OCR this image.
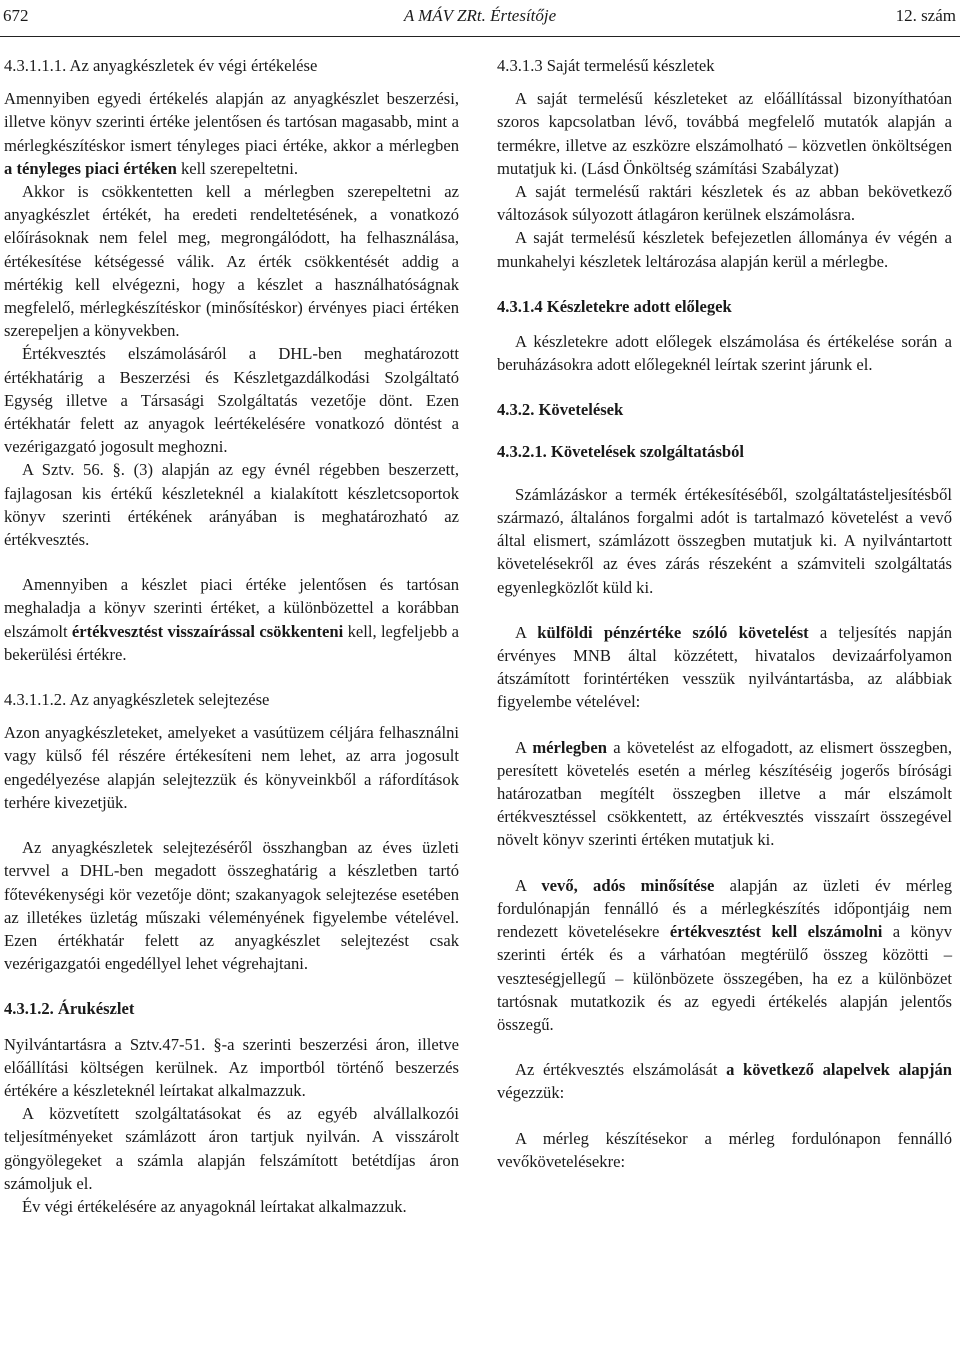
672	A MÁV ZRt. Értesítője	12. szám
4.3.1.1.1. Az anyagkészletek év végi értékelése

Amennyiben egyedi értékelés alapján az anyagkészlet beszerzési, illetve könyv szerinti értéke jelentősen és tartósan magasabb, mint a mérlegkészítéskor ismert tényleges piaci értéke, akkor a mérlegben a tényleges piaci értéken kell szerepeltetni.

Akkor is csökkentetten kell a mérlegben szerepeltetni az anyagkészlet értékét, ha eredeti rendeltetésének, a vonatkozó előírásoknak nem felel meg, megrongálódott, ha felhasználása, értékesítése kétségessé válik. Az érték csökkentését addig a mértékig kell elvégezni, hogy a készlet a használhatóságnak megfelelő, mérlegkészítéskor (minősítéskor) érvényes piaci értéken szerepeljen a könyvekben.

Értékvesztés elszámolásáról a DHL-ben meghatározott értékhatárig a Beszerzési és Készletgazdálkodási Szolgáltató Egység illetve a Társasági Szolgáltatás vezetője dönt. Ezen értékhatár felett az anyagok leértékelésére vonatkozó döntést a vezérigazgató jogosult meghozni.

A Sztv. 56. §. (3) alapján az egy évnél régebben beszerzett, fajlagosan kis értékű készleteknél a kialakított készletcsoportok könyv szerinti értékének arányában is meghatározható az értékvesztés.

Amennyiben a készlet piaci értéke jelentősen és tartósan meghaladja a könyv szerinti értéket, a különbözettel a korábban elszámolt értékvesztést visszaírással csökkenteni kell, legfeljebb a bekerülési értékre.

4.3.1.1.2. Az anyagkészletek selejtezése

Azon anyagkészleteket, amelyeket a vasútüzem céljára felhasználni vagy külső fél részére értékesíteni nem lehet, az arra jogosult engedélyezése alapján selejtezzük és könyveinkből a ráfordítások terhére kivezetjük.

Az anyagkészletek selejtezéséről összhangban az éves üzleti tervvel a DHL-ben megadott összeghatárig a készletben tartó főtevékenységi kör vezetője dönt; szakanyagok selejtezése esetében az illetékes üzletág műszaki véleményének figyelembe vételével. Ezen értékhatár felett az anyagkészlet selejtezést csak vezérigazgatói engedéllyel lehet végrehajtani.

4.3.1.2. Árukészlet

Nyilvántartásra a Sztv.47-51. §-a szerinti beszerzési áron, illetve előállítási költségen kerülnek. Az importból történő beszerzés értékére a készleteknél leírtakat alkalmazzuk.

A közvetített szolgáltatásokat és az egyéb alvállalkozói teljesítményeket számlázott áron tartjuk nyilván. A visszárolt göngyölegeket a számla alapján felszámított betétdíjas áron számoljuk el.

Év végi értékelésére az anyagoknál leírtakat alkalmazzuk.

4.3.1.3 Saját termelésű készletek

A saját termelésű készleteket az előállítással bizonyíthatóan szoros kapcsolatban lévő, továbbá megfelelő mutatók alapján a termékre, illetve az eszközre elszámolható – közvetlen önköltségen mutatjuk ki. (Lásd Önköltség számítási Szabályzat)

A saját termelésű raktári készletek és az abban bekövetkező változások súlyozott átlagáron kerülnek elszámolásra.

A saját termelésű készletek befejezetlen állománya év végén a munkahelyi készletek leltározása alapján kerül a mérlegbe.

4.3.1.4 Készletekre adott előlegek

A készletekre adott előlegek elszámolása és értékelése során a beruházásokra adott előlegeknél leírtak szerint járunk el.

4.3.2. Követelések
4.3.2.1. Követelések szolgáltatásból

Számlázáskor a termék értékesítéséből, szolgáltatásteljesítésből származó, általános forgalmi adót is tartalmazó követelést a vevő által elismert, számlázott összegben mutatjuk ki. A nyilvántartott követelésekről az éves zárás részeként a számviteli szolgáltatás egyenlegközlőt küld ki.

A külföldi pénzértéke szóló követelést a teljesítés napján érvényes MNB által közzétett, hivatalos devizaárfolyamon átszámított forintértéken vesszük nyilvántartásba, az alábbiak figyelembe vételével:

A mérlegben a követelést az elfogadott, az elismert összegben, peresített követelés esetén a mérleg készítéséig jogerős bírósági határozatban megítélt összegben illetve a már elszámolt értékvesztéssel csökkentett, az értékvesztés visszaírt összegével növelt könyv szerinti értéken mutatjuk ki.

A vevő, adós minősítése alapján az üzleti év mérleg fordulónapján fennálló és a mérlegkészítés időpontjáig nem rendezett követelésekre értékvesztést kell elszámolni a könyv szerinti érték és a várhatóan megtérülő összeg közötti – veszteségjellegű – különbözete összegében, ha ez a különbözet tartósnak mutatkozik és az egyedi értékelés alapján jelentős összegű.

Az értékvesztés elszámolását a következő alapelvek alapján végezzük:

A mérleg készítésekor a mérleg fordulónapon fennálló vevőkövetelésekre:
